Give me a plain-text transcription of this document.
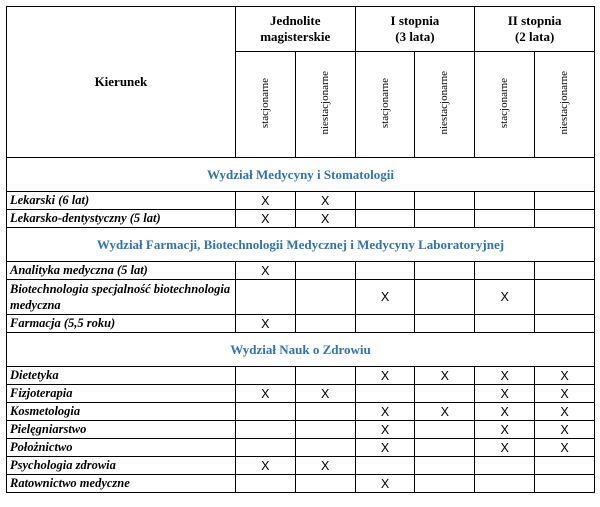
Kierunek	Jednolite
magisterskie		I stopnia
(3 lata)		II stopnia
(2 lata)	
	stacjonarne	niestacjonarne	stacjonarne	niestacjonarne	stacjonarne	niestacjonarne
Wydział Medycyny i Stomatologii						
Lekarski (6 lat)	X	X				
Lekarsko-dentystyczny (5 lat)	X	X				
Wydział Farmacji, Biotechnologii Medycznej i Medycyny Laboratoryjnej						
Analityka medyczna (5 lat)	X					
Biotechnologia specjalność biotechnologia medyczna			X		X	
Farmacja (5,5 roku)	X					
Wydział Nauk o Zdrowiu						
Dietetyka			X	X	X	X
Fizjoterapia	X	X			X	X
Kosmetologia			X	X	X	X
Pielęgniarstwo			X		X	X
Położnictwo			X		X	X
Psychologia zdrowia	X	X				
Ratownictwo medyczne			X			
